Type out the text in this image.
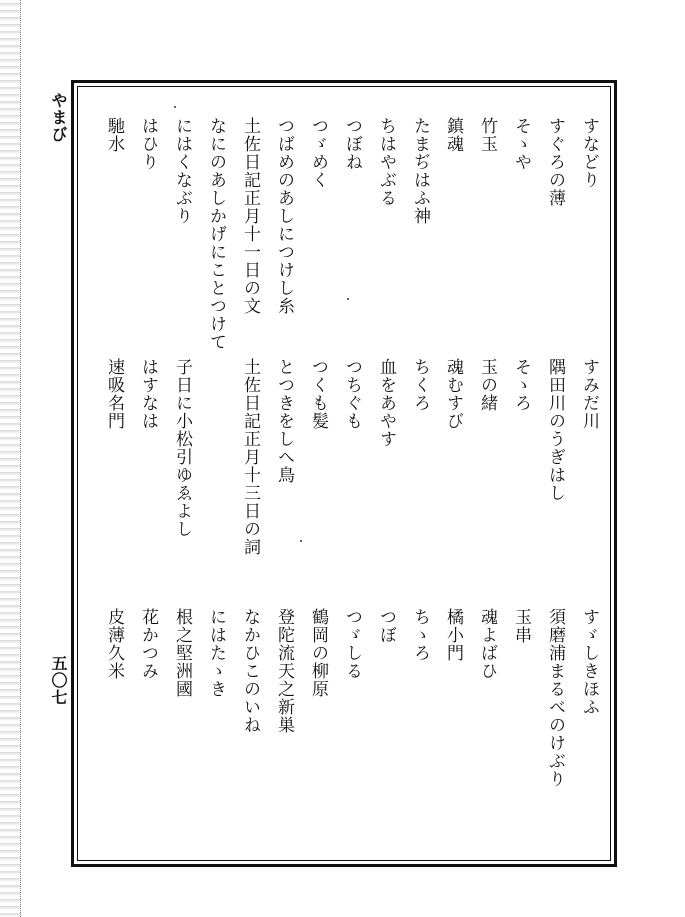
やまび
五〇七
すなどり
すみだ川
すゞしきほふ
すぐろの薄
隅田川のうぎはし
須磨浦まるべのけぶり
そゝや
そゝろ
玉串
竹玉
玉の緒
魂よばひ
鎮魂
魂むすび
橘小門
たまぢはふ神
ちくろ
ちゝろ
ちはやぶる
血をあやす
つぼ
つぼね
つちぐも
つゞしる
つゞめく
つくも髪
鶴岡の柳原
つばめのあしにつけし糸
とつきをしへ鳥
登陀流天之新巣
土佐日記正月十一日の文
土佐日記正月十三日の詞
なかひこのいね
なにのあしかげにことつけて
にはたゝき
にはくなぶり
子日に小松引ゆゑよし
根之堅洲國
はひり
はすなは
花かつみ
馳水
速吸名門
皮薄久米
